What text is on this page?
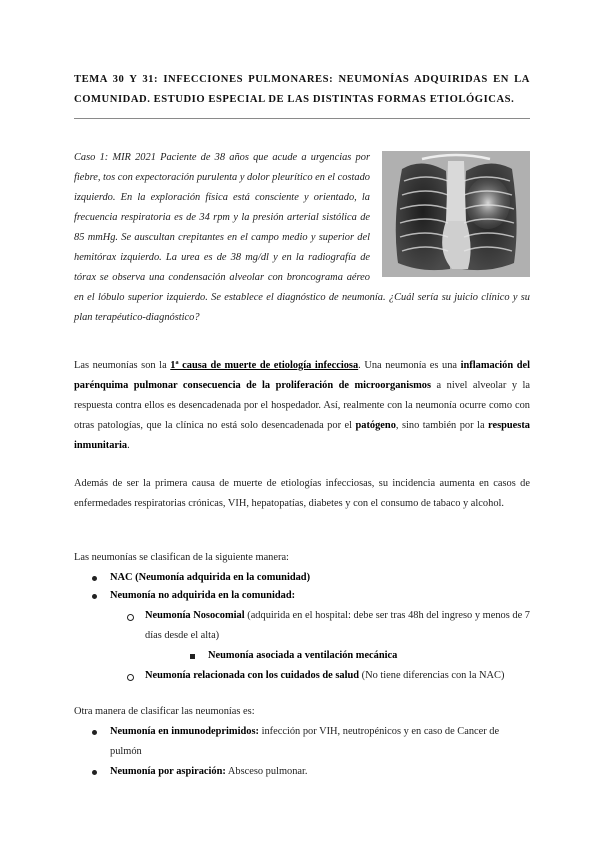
TEMA 30 Y 31: INFECCIONES PULMONARES: NEUMONÍAS ADQUIRIDAS EN LA COMUNIDAD. ESTUDIO ESPECIAL DE LAS DISTINTAS FORMAS ETIOLÓGICAS.
Caso 1: MIR 2021 Paciente de 38 años que acude a urgencias por fiebre, tos con expectoración purulenta y dolor pleurítico en el costado izquierdo. En la exploración física está consciente y orientado, la frecuencia respiratoria es de 34 rpm y la presión arterial sistólica de 85 mmHg. Se auscultan crepitantes en el campo medio y superior del hemitórax izquierdo. La urea es de 38 mg/dl y en la radiografía de tórax se observa una condensación alveolar con broncograma aéreo en el lóbulo superior izquierdo. Se establece el diagnóstico de neumonía. ¿Cuál sería su juicio clínico y su plan terapéutico-diagnóstico?
Las neumonías son la 1ª causa de muerte de etiología infecciosa. Una neumonía es una inflamación del parénquima pulmonar consecuencia de la proliferación de microorganismos a nivel alveolar y la respuesta contra ellos es desencadenada por el hospedador. Así, realmente con la neumonía ocurre como con otras patologías, que la clínica no está solo desencadenada por el patógeno, sino también por la respuesta inmunitaria.
Además de ser la primera causa de muerte de etiologías infecciosas, su incidencia aumenta en casos de enfermedades respiratorias crónicas, VIH, hepatopatías, diabetes y con el consumo de tabaco y alcohol.
Las neumonías se clasifican de la siguiente manera:
NAC (Neumonía adquirida en la comunidad)
Neumonía no adquirida en la comunidad:
Neumonía Nosocomial (adquirida en el hospital: debe ser tras 48h del ingreso y menos de 7 días desde el alta)
Neumonía asociada a ventilación mecánica
Neumonía relacionada con los cuidados de salud (No tiene diferencias con la NAC)
Otra manera de clasificar las neumonías es:
Neumonía en inmunodeprimidos: infección por VIH, neutropénicos y en caso de Cancer de pulmón
Neumonía por aspiración: Absceso pulmonar.
